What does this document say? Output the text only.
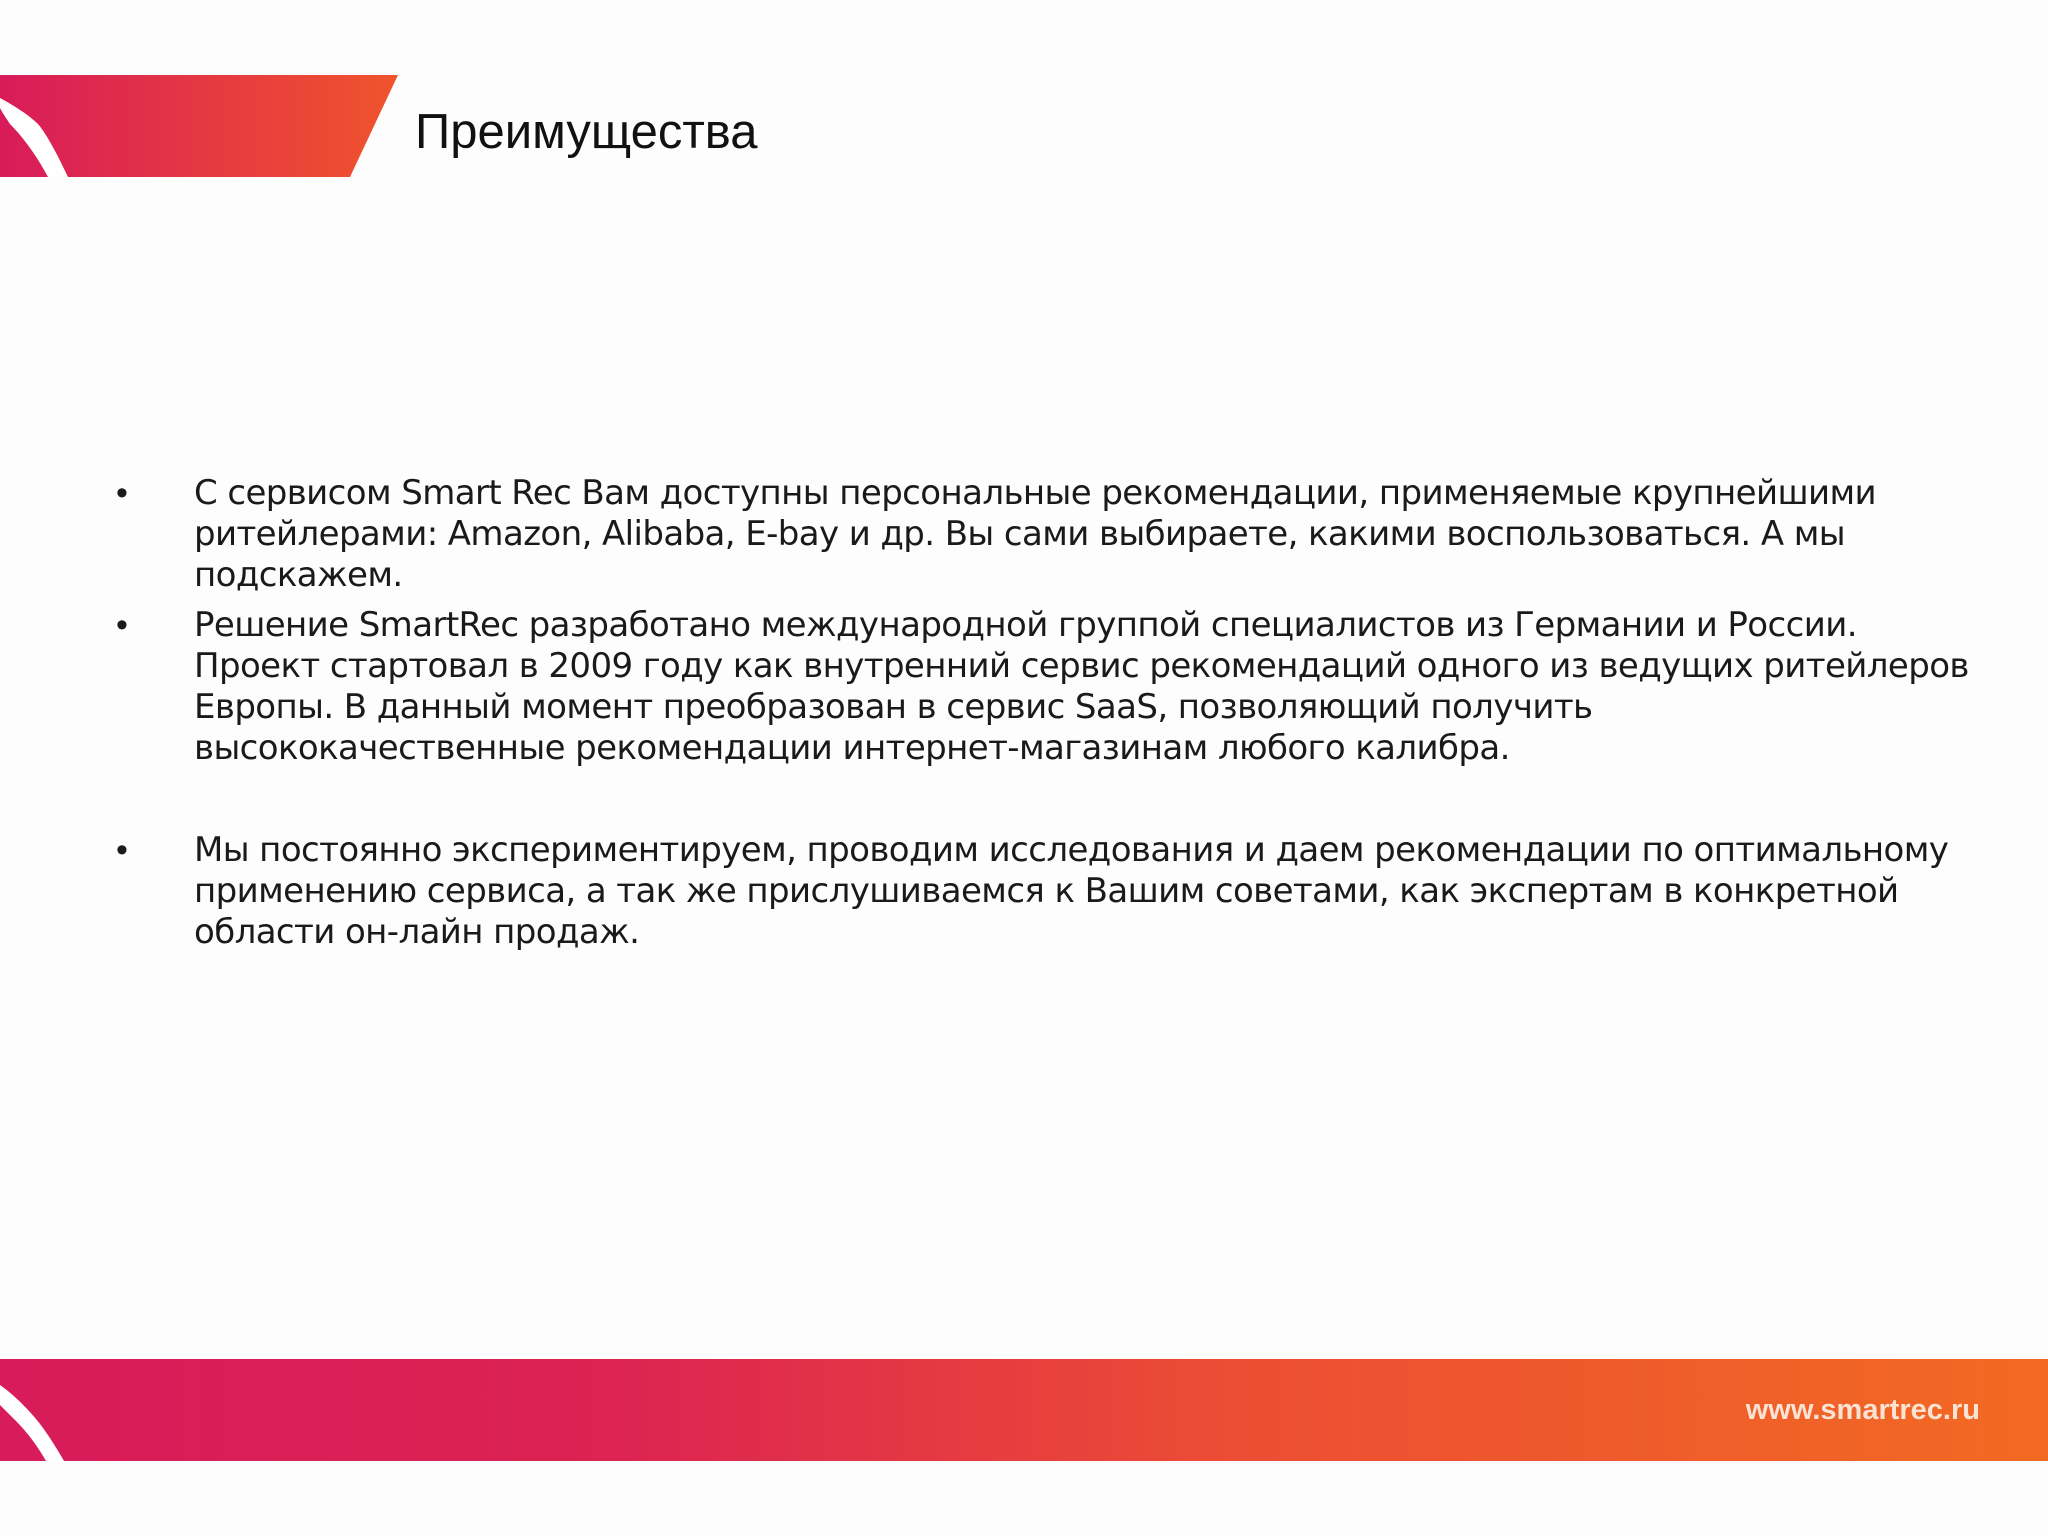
Преимущества
• С сервисом Smart Rec Вам доступны персональные рекомендации, применяемые крупнейшими ритейлерами: Amazon, Alibaba, E-bay и др. Вы сами выбираете, какими воспользоваться. А мы подскажем.
• Решение SmartRec разработано международной группой специалистов из Германии и России. Проект стартовал в 2009 году как внутренний сервис рекомендаций одного из ведущих ритейлеров Европы. В данный момент преобразован в сервис SaaS, позволяющий получить высококачественные рекомендации интернет-магазинам любого калибра.
• Мы постоянно экспериментируем, проводим исследования и даем рекомендации по оптимальному применению сервиса, а так же прислушиваемся к Вашим советами, как экспертам в конкретной области он-лайн продаж.
www.smartrec.ru
